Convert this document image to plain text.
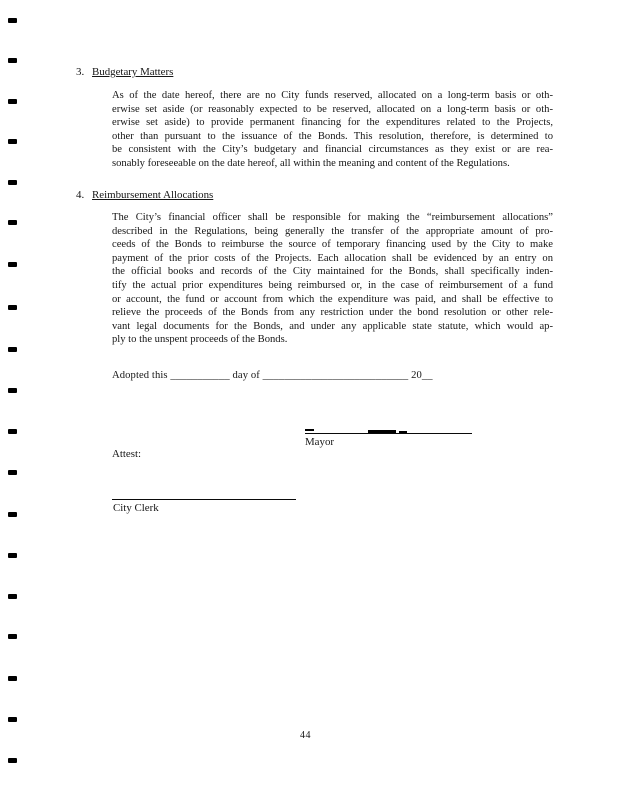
3. Budgetary Matters
As of the date hereof, there are no City funds reserved, allocated on a long-term basis or oth-
erwise set aside (or reasonably expected to be reserved, allocated on a long-term basis or oth-
erwise set aside) to provide permanent financing for the expenditures related to the Projects,
other than pursuant to the issuance of the Bonds. This resolution, therefore, is determined to
be consistent with the City’s budgetary and financial circumstances as they exist or are rea-
sonably foreseeable on the date hereof, all within the meaning and content of the Regulations.
4. Reimbursement Allocations
The City’s financial officer shall be responsible for making the “reimbursement allocations”
described in the Regulations, being generally the transfer of the appropriate amount of pro-
ceeds of the Bonds to reimburse the source of temporary financing used by the City to make
payment of the prior costs of the Projects. Each allocation shall be evidenced by an entry on
the official books and records of the City maintained for the Bonds, shall specifically inden-
tify the actual prior expenditures being reimbursed or, in the case of reimbursement of a fund
or account, the fund or account from which the expenditure was paid, and shall be effective to
relieve the proceeds of the Bonds from any restriction under the bond resolution or other rele-
vant legal documents for the Bonds, and under any applicable state statute, which would ap-
ply to the unspent proceeds of the Bonds.
Adopted this ___________ day of ___________________________ 20__
Mayor
Attest:
City Clerk
44
